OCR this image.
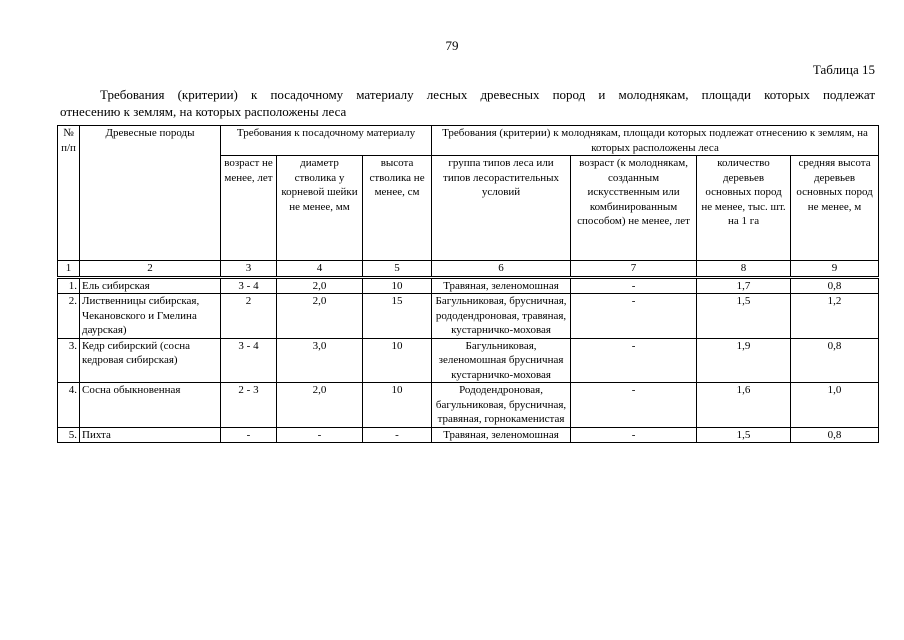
79
Таблица 15
Требования (критерии) к посадочному материалу лесных древесных пород и молоднякам, площади которых подлежат
отнесению к землям, на которых расположены леса
№ п/п	Древесные породы	Требования к посадочному материалу			Требования (критерии) к молоднякам, площади которых подлежат отнесению к землям, на которых расположены леса			
		возраст не менее, лет	диаметр стволика у корневой шейки не менее, мм	высота стволика не менее, см	группа типов леса или типов лесорастительных условий	возраст (к молоднякам, созданным искусственным или комбинированным способом) не менее, лет	количество деревьев основных пород не менее, тыс. шт. на 1 га	средняя высота деревьев основных пород не менее, м
1	2	3	4	5	6	7	8	9
1.	Ель сибирская	3 - 4	2,0	10	Травяная, зеленомошная	-	1,7	0,8
2.	Лиственницы сибирская, Чекановского и Гмелина даурская)	2	2,0	15	Багульниковая, брусничная, рододендроновая, травяная, кустарничко-моховая	-	1,5	1,2
3.	Кедр сибирский (сосна кедровая сибирская)	3 - 4	3,0	10	Багульниковая, зеленомошная брусничная кустарничко-моховая	-	1,9	0,8
4.	Сосна обыкновенная	2 - 3	2,0	10	Рододендроновая, багульниковая, брусничная, травяная, горнокаменистая	-	1,6	1,0
5.	Пихта	-	-	-	Травяная, зеленомошная	-	1,5	0,8
